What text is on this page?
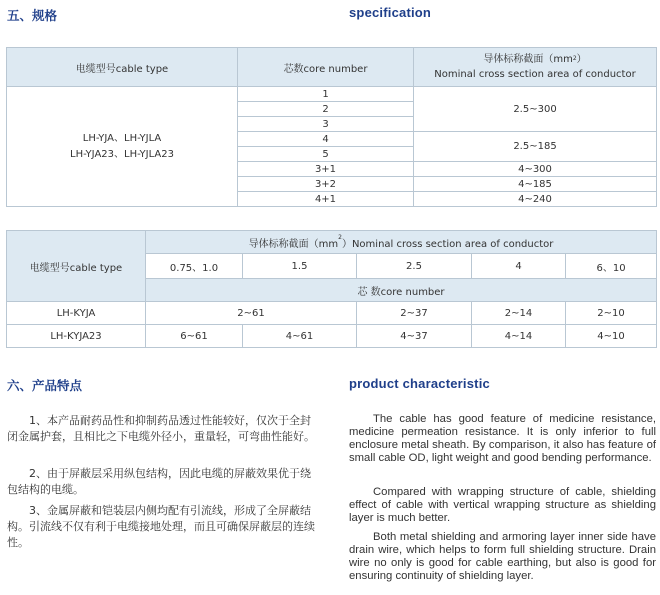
五、规格	specification
电缆型号cable type	芯数core number	导体标称截面$(mm^2)$
Nominal cross section area of conductor
LH-YJA、LH-YJLA
LH-YJA23、LH-YJLA23	1	2.5~300
	2	
	3	
	4	2.5~185
	5	
	3+1	4~300
	3+2	4~185
	4+1	4~240
电缆型号cable type	导体标称截面$(mm^2)Nominal$ cross section area of conductor				
	0.75、1.0	1.5	2.5	4	6、10
	芯 数core number				
LH-KYJA	2~61		2~37	2~14	2~10
LH-KYJA23	6~61	4~61	4~37	4~14	4~10
六、产品特点	product characteristic

1、本产品耐药品性和抑制药品透过性能较好，仅次于全封闭金属护套，且相比之下电缆外径小，重量轻，可弯曲性能好。

2、由于屏蔽层采用纵包结构，因此电缆的屏蔽效果优于绕包结构的电缆。

3、金属屏蔽和铠装层内侧均配有引流线，形成了全屏蔽结构。引流线不仅有利于电缆接地处理，而且可确保屏蔽层的连续性。

The cable has good feature of medicine resistance, medicine permeation resistance. It is only inferior to full enclosure metal sheath. By comparison, it also has feature of small cable OD, light weight and good bending performance.

Compared with wrapping structure of cable, shielding effect of cable with vertical wrapping structure as shielding layer is much better.

Both metal shielding and armoring layer inner side have drain wire, which helps to form full shielding structure. Drain wire no only is good for cable earthing, but also is good for ensuring continuity of shielding layer.
